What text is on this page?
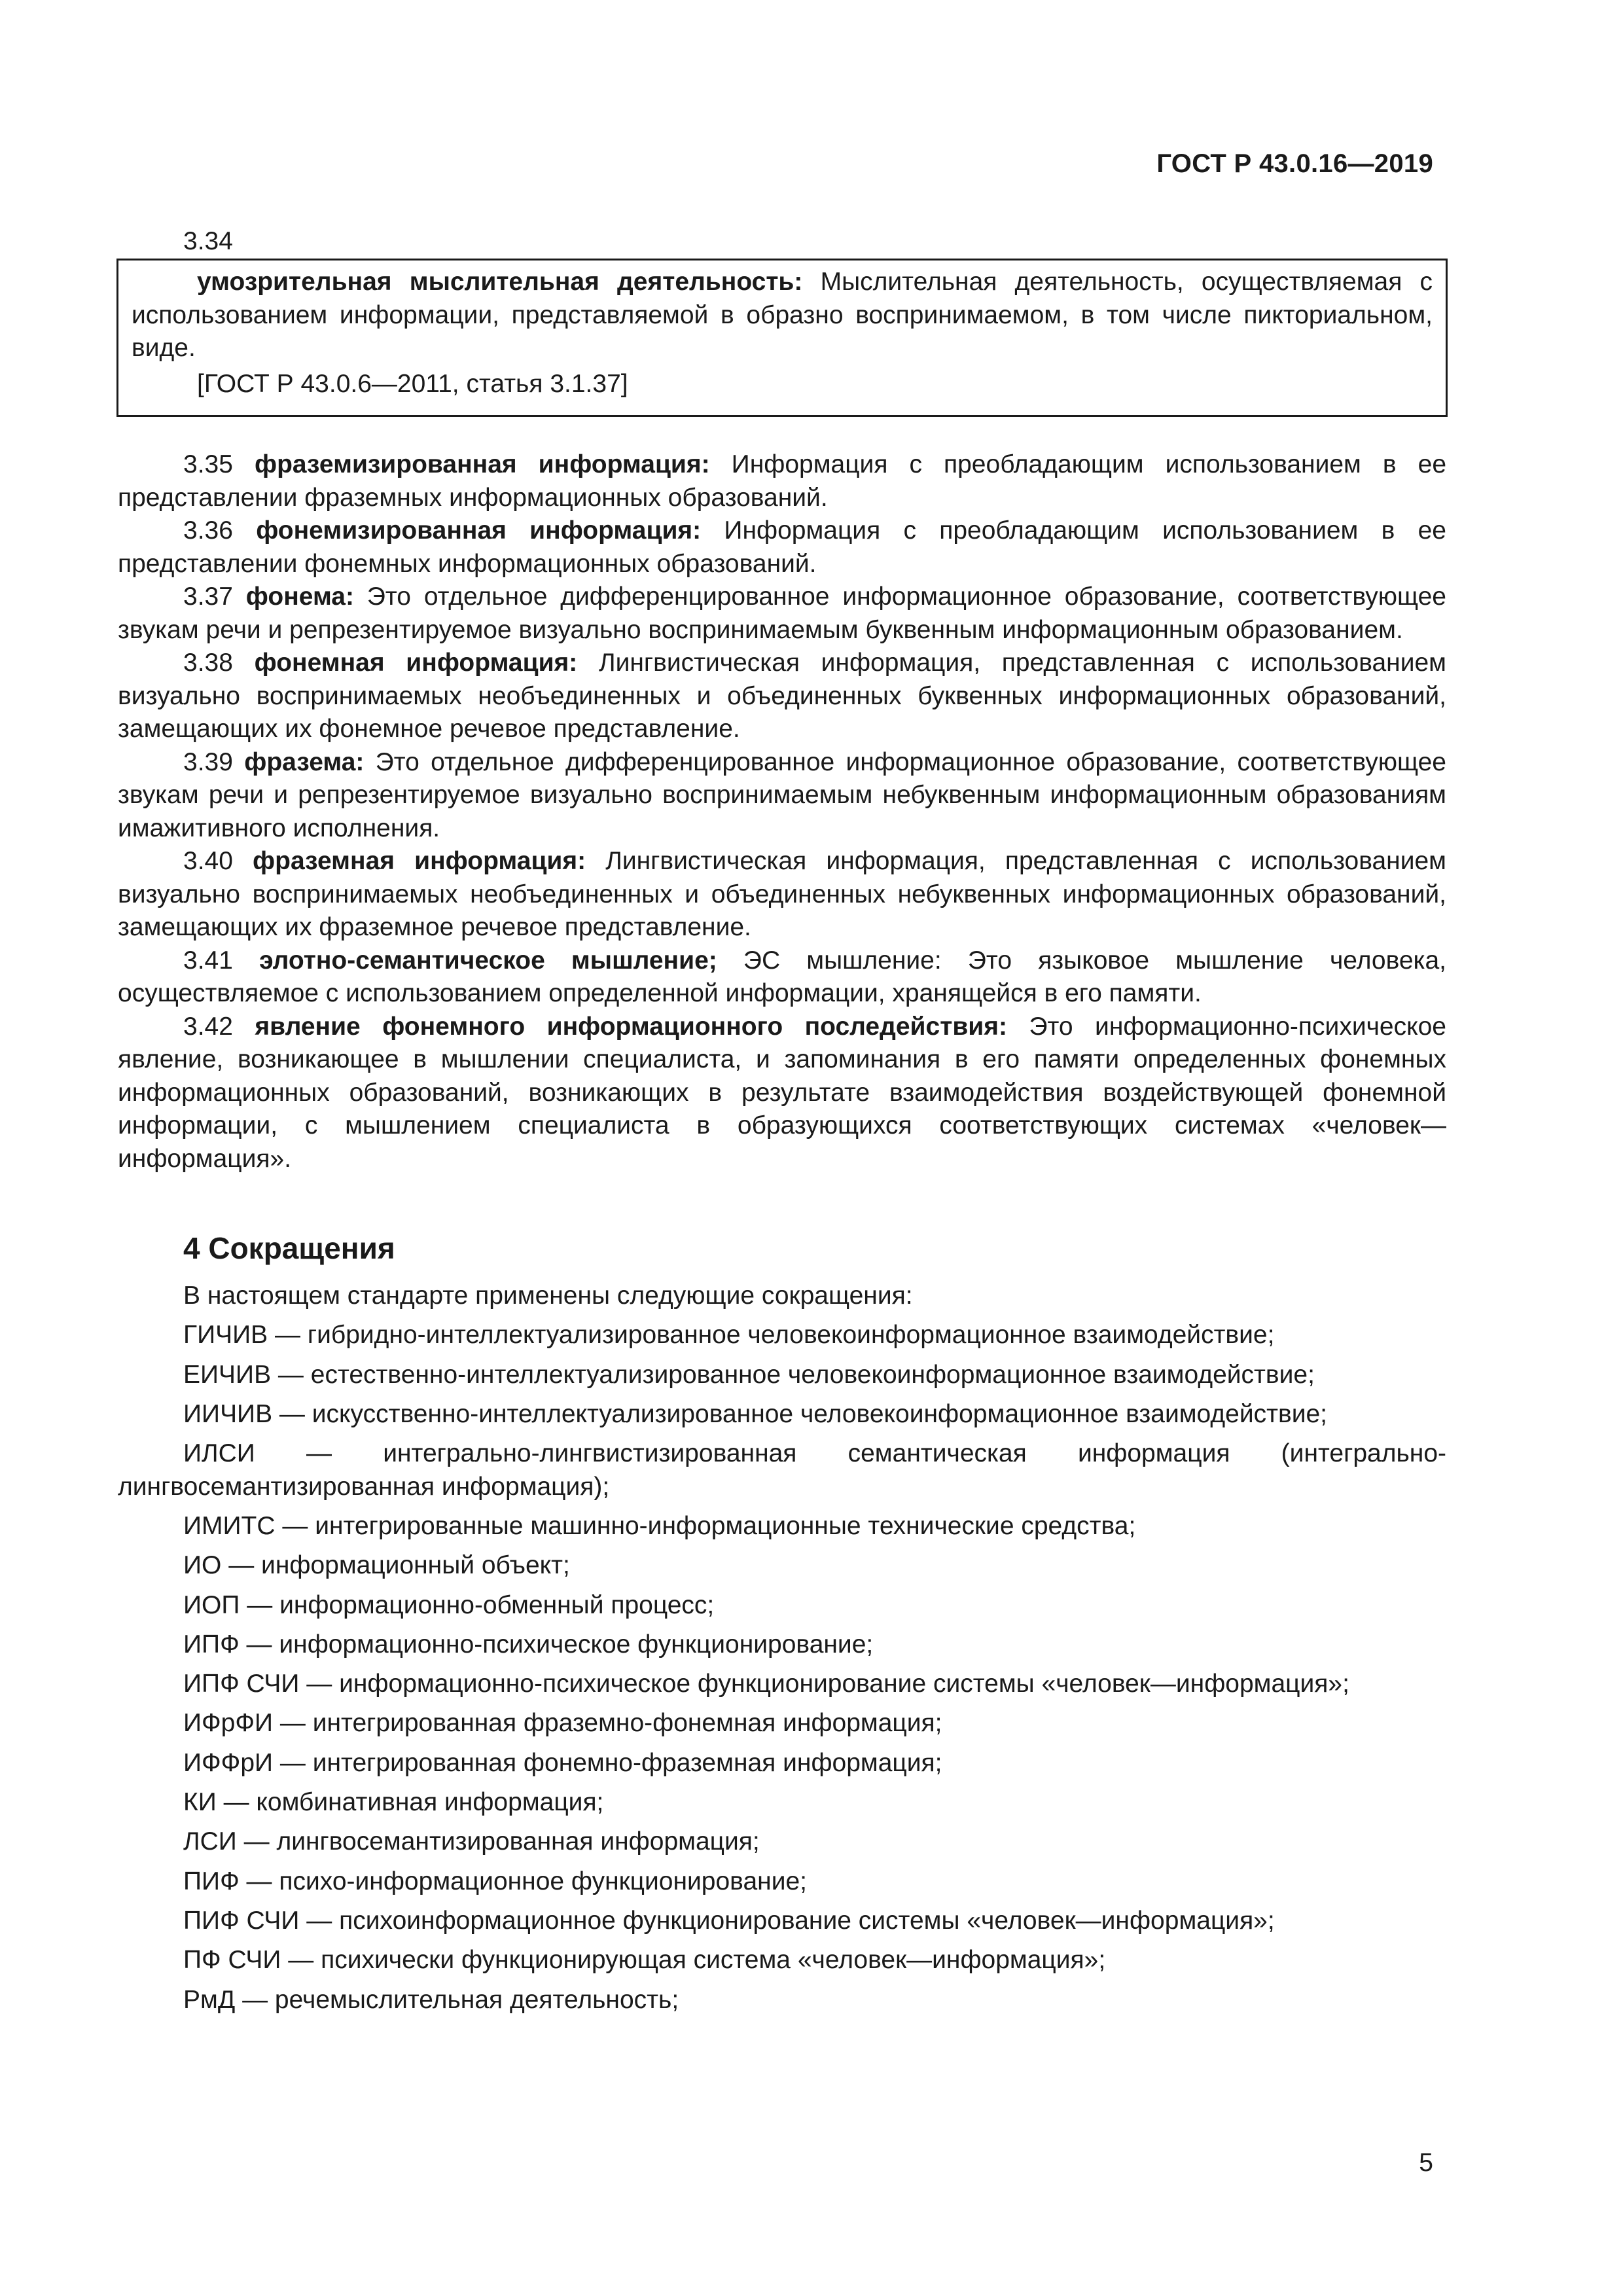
ГОСТ Р 43.0.16—2019
3.34

умозрительная мыслительная деятельность: Мыслительная деятельность, осуществляемая с использованием информации, представляемой в образно воспринимаемом, в том числе пикториальном, виде.

[ГОСТ Р 43.0.6—2011, статья 3.1.37]

3.35 фраземизированная информация: Информация с преобладающим использованием в ее представлении фраземных информационных образований.

3.36 фонемизированная информация: Информация с преобладающим использованием в ее представлении фонемных информационных образований.

3.37 фонема: Это отдельное дифференцированное информационное образование, соответствующее звукам речи и репрезентируемое визуально воспринимаемым буквенным информационным образованием.

3.38 фонемная информация: Лингвистическая информация, представленная с использованием визуально воспринимаемых необъединенных и объединенных буквенных информационных образований, замещающих их фонемное речевое представление.

3.39 фразема: Это отдельное дифференцированное информационное образование, соответствующее звукам речи и репрезентируемое визуально воспринимаемым небуквенным информационным образованиям имажитивного исполнения.

3.40 фраземная информация: Лингвистическая информация, представленная с использованием визуально воспринимаемых необъединенных и объединенных небуквенных информационных образований, замещающих их фраземное речевое представление.

3.41 элотно-семантическое мышление; ЭС мышление: Это языковое мышление человека, осуществляемое с использованием определенной информации, хранящейся в его памяти.

3.42 явление фонемного информационного последействия: Это информационно-психическое явление, возникающее в мышлении специалиста, и запоминания в его памяти определенных фонемных информационных образований, возникающих в результате взаимодействия воздействующей фонемной информации, с мышлением специалиста в образующихся соответствующих системах «человек—информация».

4 Сокращения

В настоящем стандарте применены следующие сокращения:

ГИЧИВ — гибридно-интеллектуализированное человекоинформационное взаимодействие;

ЕИЧИВ — естественно-интеллектуализированное человекоинформационное взаимодействие;

ИИЧИВ — искусственно-интеллектуализированное человекоинформационное взаимодействие;

ИЛСИ — интегрально-лингвистизированная семантическая информация (интегрально-лингвосемантизированная информация);

ИМИТС — интегрированные машинно-информационные технические средства;

ИО — информационный объект;

ИОП — информационно-обменный процесс;

ИПФ — информационно-психическое функционирование;

ИПФ СЧИ — информационно-психическое функционирование системы «человек—информация»;

ИФрФИ — интегрированная фраземно-фонемная информация;

ИФФрИ — интегрированная фонемно-фраземная информация;

КИ — комбинативная информация;

ЛСИ — лингвосемантизированная информация;

ПИФ — психо-информационное функционирование;

ПИФ СЧИ — психоинформационное функционирование системы «человек—информация»;

ПФ СЧИ — психически функционирующая система «человек—информация»;

РмД — речемыслительная деятельность;

5
